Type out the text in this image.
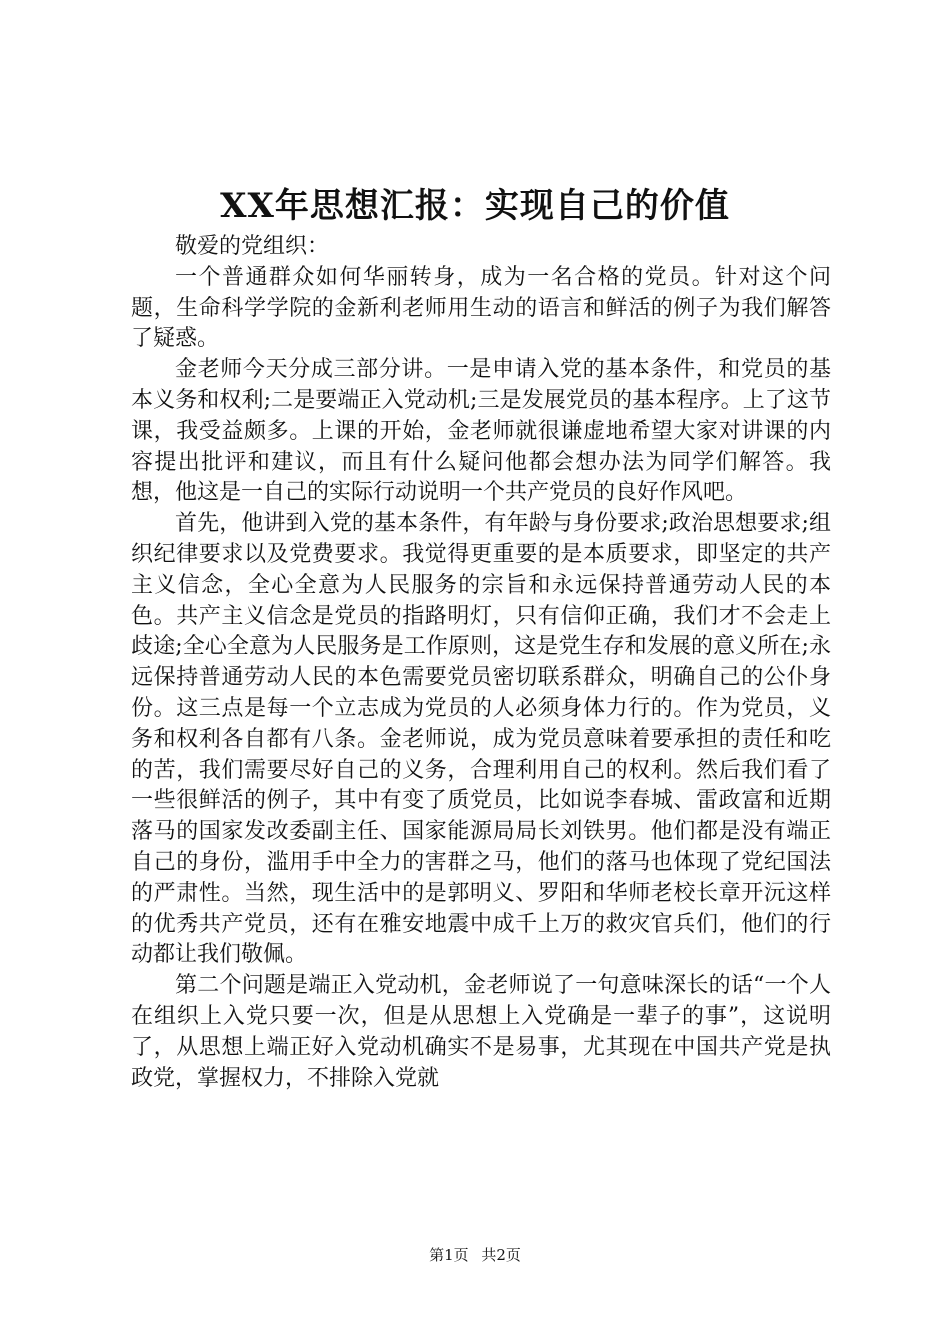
XX年思想汇报：实现自己的价值

敬爱的党组织：

一个普通群众如何华丽转身，成为一名合格的党员。针对这个问题，生命科学学院的金新利老师用生动的语言和鲜活的例子为我们解答了疑惑。

金老师今天分成三部分讲。一是申请入党的基本条件，和党员的基本义务和权利;二是要端正入党动机;三是发展党员的基本程序。上了这节课，我受益颇多。上课的开始，金老师就很谦虚地希望大家对讲课的内容提出批评和建议，而且有什么疑问他都会想办法为同学们解答。我想，他这是一自己的实际行动说明一个共产党员的良好作风吧。

首先，他讲到入党的基本条件，有年龄与身份要求;政治思想要求;组织纪律要求以及党费要求。我觉得更重要的是本质要求，即坚定的共产主义信念，全心全意为人民服务的宗旨和永远保持普通劳动人民的本色。共产主义信念是党员的指路明灯，只有信仰正确，我们才不会走上歧途;全心全意为人民服务是工作原则，这是党生存和发展的意义所在;永远保持普通劳动人民的本色需要党员密切联系群众，明确自己的公仆身份。这三点是每一个立志成为党员的人必须身体力行的。作为党员，义务和权利各自都有八条。金老师说，成为党员意味着要承担的责任和吃的苦，我们需要尽好自己的义务，合理利用自己的权利。然后我们看了一些很鲜活的例子，其中有变了质党员，比如说李春城、雷政富和近期落马的国家发改委副主任、国家能源局局长刘铁男。他们都是没有端正自己的身份，滥用手中全力的害群之马，他们的落马也体现了党纪国法的严肃性。当然，现生活中的是郭明义、罗阳和华师老校长章开沅这样的优秀共产党员，还有在雅安地震中成千上万的救灾官兵们，他们的行动都让我们敬佩。

第二个问题是端正入党动机，金老师说了一句意味深长的话“一个人在组织上入党只要一次，但是从思想上入党确是一辈子的事”，这说明了，从思想上端正好入党动机确实不是易事，尤其现在中国共产党是执政党，掌握权力，不排除入党就

第1页 共2页
